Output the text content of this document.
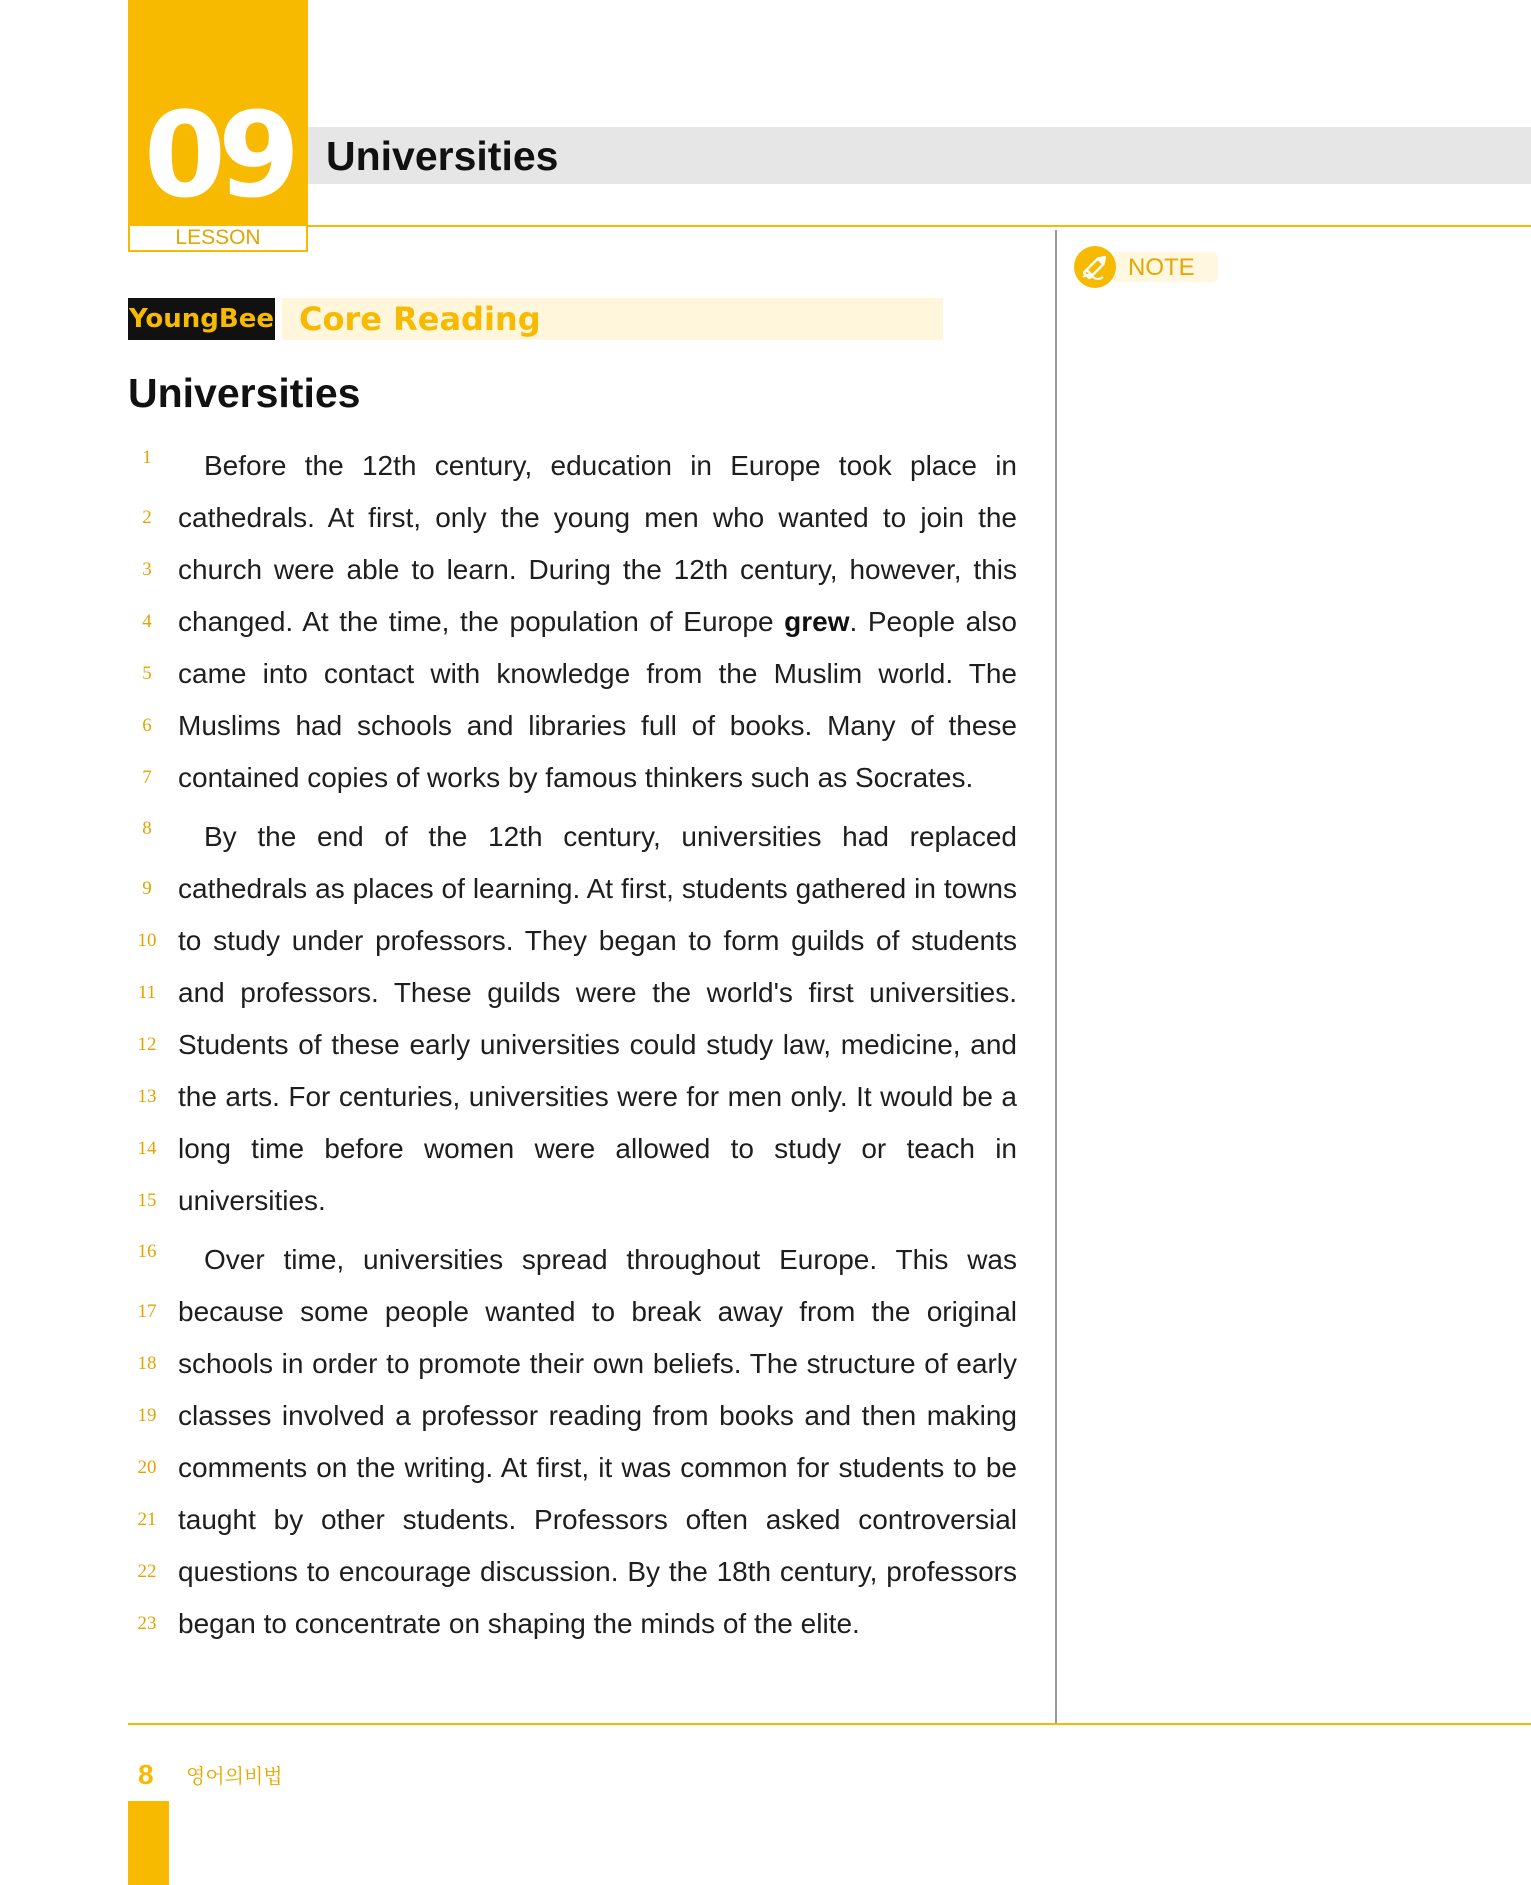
09
LESSON
Universities
NOTE
YoungBee Core Reading
Universities
1	Before the 12th century, education in Europe took place in
2 cathedrals. At first, only the young men who wanted to join the
3 church were able to learn. During the 12th century, however, this
4 changed. At the time, the population of Europe grew. People also
5 came into contact with knowledge from the Muslim world. The
6 Muslims had schools and libraries full of books. Many of these
7 contained copies of works by famous thinkers such as Socrates.
8	By the end of the 12th century, universities had replaced
9 cathedrals as places of learning. At first, students gathered in towns
10 to study under professors. They began to form guilds of students
11 and professors. These guilds were the world's first universities.
12 Students of these early universities could study law, medicine, and
13 the arts. For centuries, universities were for men only. It would be a
14 long time before women were allowed to study or teach in
15 universities.
16	Over time, universities spread throughout Europe. This was
17 because some people wanted to break away from the original
18 schools in order to promote their own beliefs. The structure of early
19 classes involved a professor reading from books and then making
20 comments on the writing. At first, it was common for students to be
21 taught by other students. Professors often asked controversial
22 questions to encourage discussion. By the 18th century, professors
23 began to concentrate on shaping the minds of the elite.
8 영어의비법
